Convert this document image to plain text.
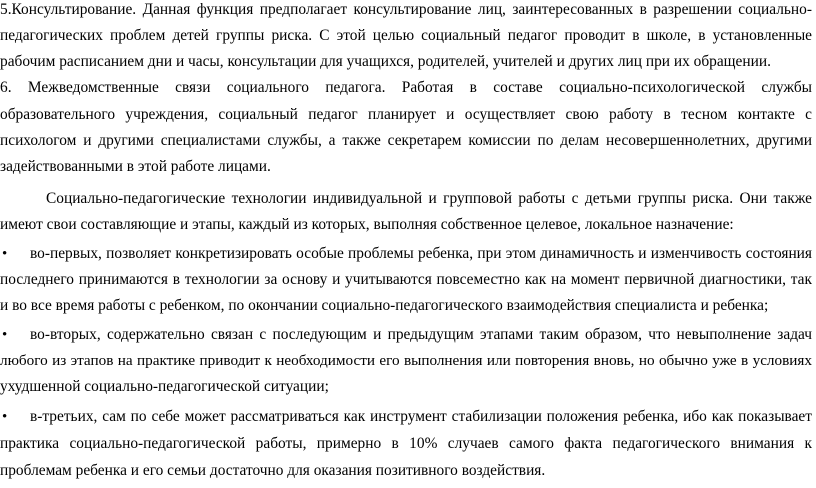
5.Консультирование. Данная функция предполагает консультирование лиц, заинтересованных в разрешении социально-
педагогических проблем детей группы риска. С этой целью социальный педагог проводит в школе, в установленные
рабочим расписанием дни и часы, консультации для учащихся, родителей, учителей и других лиц при их обращении.
6. Межведомственные связи социального педагога. Работая в составе социально-психологической службы
образовательного учреждения, социальный педагог планирует и осуществляет свою работу в тесном контакте с
психологом и другими специалистами службы, а также секретарем комиссии по делам несовершеннолетних, другими
задействованными в этой работе лицами.
Социально-педагогические технологии индивидуальной и групповой работы с детьми группы риска. Они также
имеют свои составляющие и этапы, каждый из которых, выполняя собственное целевое, локальное назначение:
•	во-первых, позволяет конкретизировать особые проблемы ребенка, при этом динамичность и изменчивость состояния
последнего принимаются в технологии за основу и учитываются повсеместно как на момент первичной диагностики, так
и во все время работы с ребенком, по окончании социально-педагогического взаимодействия специалиста и ребенка;
•	во-вторых, содержательно связан с последующим и предыдущим этапами таким образом, что невыполнение задач
любого из этапов на практике приводит к необходимости его выполнения или повторения вновь, но обычно уже в условиях
ухудшенной социально-педагогической ситуации;
•	в-третьих, сам по себе может рассматриваться как инструмент стабилизации положения ребенка, ибо как показывает
практика социально-педагогической работы, примерно в 10% случаев самого факта педагогического внимания к
проблемам ребенка и его семьи достаточно для оказания позитивного воздействия.
